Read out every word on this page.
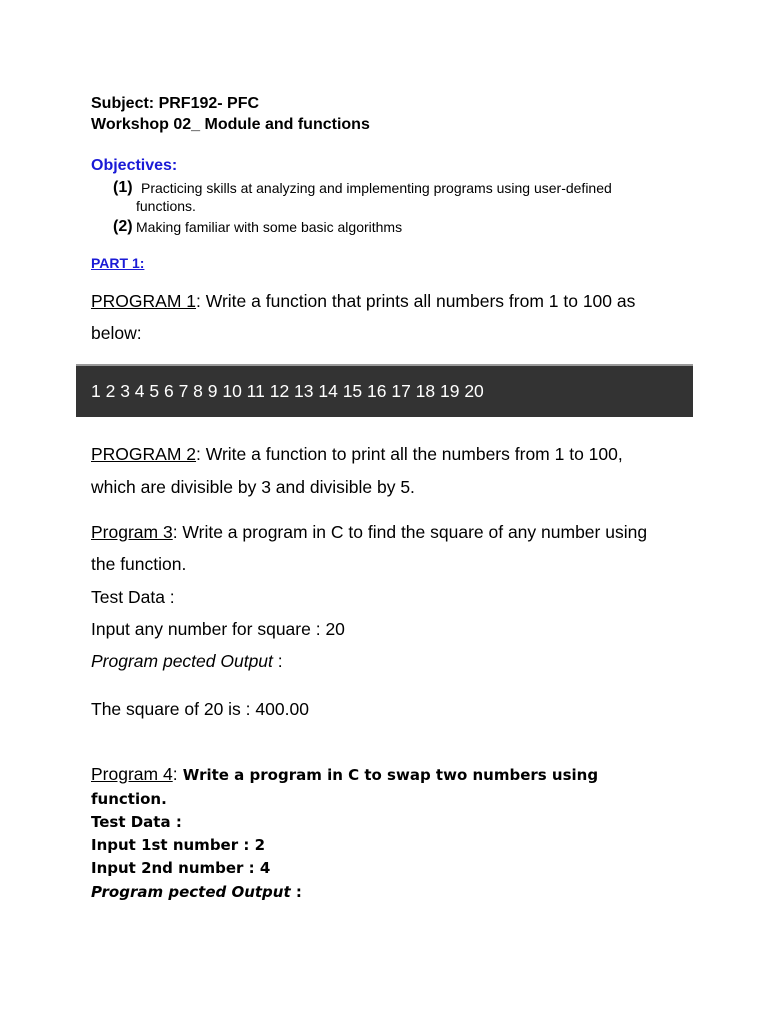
Subject: PRF192- PFC
Workshop 02_ Module and functions
Objectives:
(1) Practicing skills at analyzing and implementing programs using user-defined
functions.
(2) Making familiar with some basic algorithms
PART 1:
PROGRAM 1: Write a function that prints all numbers from 1 to 100 as
below:
1 2 3 4 5 6 7 8 9 10 11 12 13 14 15 16 17 18 19 20
PROGRAM 2: Write a function to print all the numbers from 1 to 100,
which are divisible by 3 and divisible by 5.
Program 3: Write a program in C to find the square of any number using
the function.
Test Data :
Input any number for square : 20
Program pected Output :
The square of 20 is : 400.00
Program 4: Write a program in C to swap two numbers using
function.
Test Data :
Input 1st number : 2
Input 2nd number : 4
Program pected Output :
